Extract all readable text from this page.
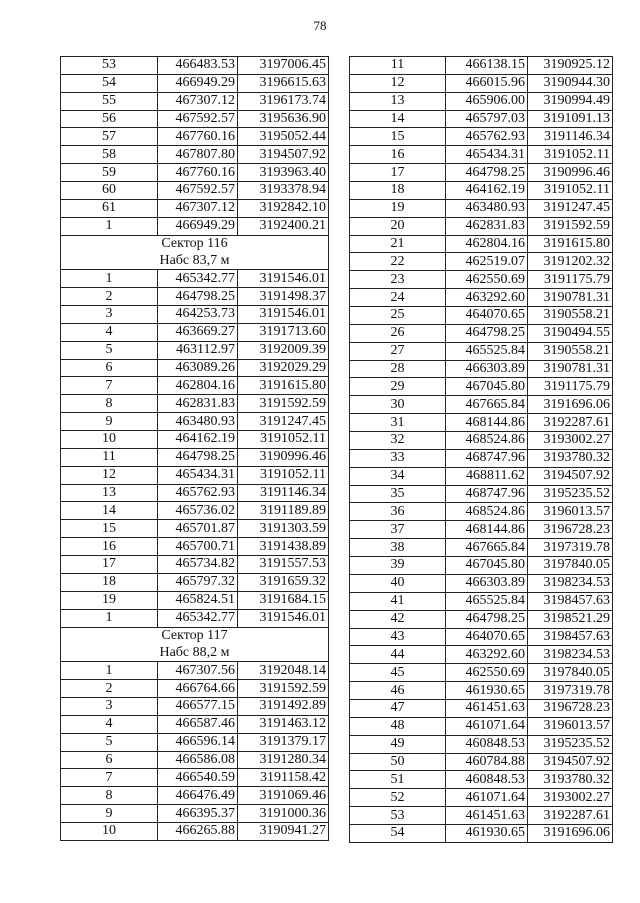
78
53	466483.53	3197006.45
54	466949.29	3196615.63
55	467307.12	3196173.74
56	467592.57	3195636.90
57	467760.16	3195052.44
58	467807.80	3194507.92
59	467760.16	3193963.40
60	467592.57	3193378.94
61	467307.12	3192842.10
1	466949.29	3192400.21
Сектор 116		
Набс 83,7 м		
1	465342.77	3191546.01
2	464798.25	3191498.37
3	464253.73	3191546.01
4	463669.27	3191713.60
5	463112.97	3192009.39
6	463089.26	3192029.29
7	462804.16	3191615.80
8	462831.83	3191592.59
9	463480.93	3191247.45
10	464162.19	3191052.11
11	464798.25	3190996.46
12	465434.31	3191052.11
13	465762.93	3191146.34
14	465736.02	3191189.89
15	465701.87	3191303.59
16	465700.71	3191438.89
17	465734.82	3191557.53
18	465797.32	3191659.32
19	465824.51	3191684.15
1	465342.77	3191546.01
Сектор 117		
Набс 88,2 м		
1	467307.56	3192048.14
2	466764.66	3191592.59
3	466577.15	3191492.89
4	466587.46	3191463.12
5	466596.14	3191379.17
6	466586.08	3191280.34
7	466540.59	3191158.42
8	466476.49	3191069.46
9	466395.37	3191000.36
10	466265.88	3190941.27
11	466138.15	3190925.12
12	466015.96	3190944.30
13	465906.00	3190994.49
14	465797.03	3191091.13
15	465762.93	3191146.34
16	465434.31	3191052.11
17	464798.25	3190996.46
18	464162.19	3191052.11
19	463480.93	3191247.45
20	462831.83	3191592.59
21	462804.16	3191615.80
22	462519.07	3191202.32
23	462550.69	3191175.79
24	463292.60	3190781.31
25	464070.65	3190558.21
26	464798.25	3190494.55
27	465525.84	3190558.21
28	466303.89	3190781.31
29	467045.80	3191175.79
30	467665.84	3191696.06
31	468144.86	3192287.61
32	468524.86	3193002.27
33	468747.96	3193780.32
34	468811.62	3194507.92
35	468747.96	3195235.52
36	468524.86	3196013.57
37	468144.86	3196728.23
38	467665.84	3197319.78
39	467045.80	3197840.05
40	466303.89	3198234.53
41	465525.84	3198457.63
42	464798.25	3198521.29
43	464070.65	3198457.63
44	463292.60	3198234.53
45	462550.69	3197840.05
46	461930.65	3197319.78
47	461451.63	3196728.23
48	461071.64	3196013.57
49	460848.53	3195235.52
50	460784.88	3194507.92
51	460848.53	3193780.32
52	461071.64	3193002.27
53	461451.63	3192287.61
54	461930.65	3191696.06
